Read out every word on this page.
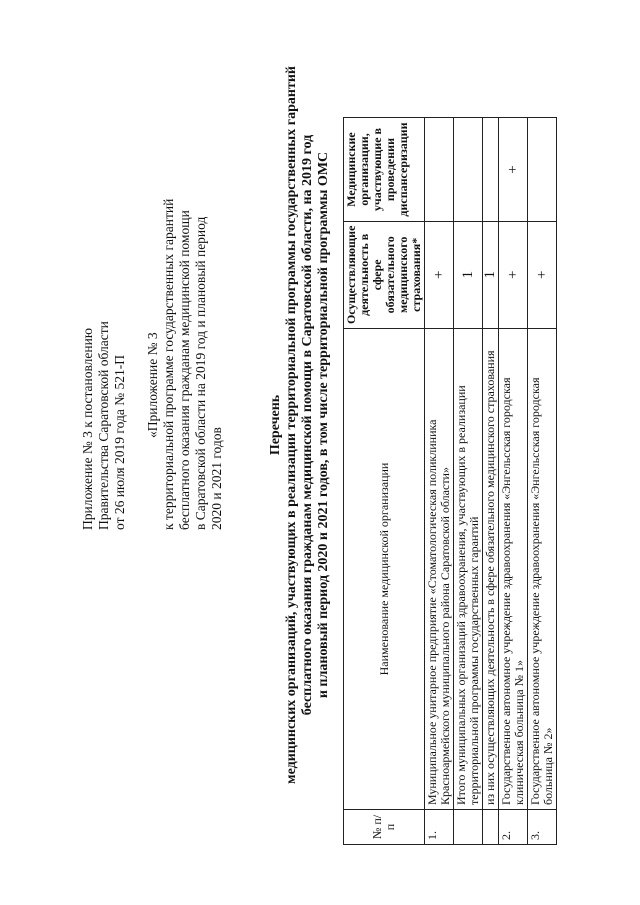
Приложение № 3 к постановлению Правительства Саратовской области от 26 июля 2019 года № 521-П «Приложение № 3 к территориальной программе государственных гарантий бесплатного оказания гражданам медицинской помощи в Саратовской области на 2019 год и плановый период 2020 и 2021 годов
Перечень медицинских организаций, участвующих в реализации территориальной программы государственных гарантий бесплатного оказания гражданам медицинской помощи в Саратовской области, на 2019 год и плановый период 2020 и 2021 годов, в том числе территориальной программы ОМС
№ п/п	Наименование медицинской организации	Осуществляющие деятельность в сфере обязательного медицинского страхования*	Медицинские организации, участвующие в проведении диспансеризации
1.	Муниципальное унитарное предприятие «Стоматологическая поликлиника Красноармейского муниципального района Саратовской области»	+	
	Итого муниципальных организаций здравоохранения, участвующих в реализации территориальной программы государственных гарантий	1	
	из них осуществляющих деятельность в сфере обязательного медицинского страхования	1	
2.	Государственное автономное учреждение здравоохранения «Энгельсская городская клиническая больница № 1»	+	+
3.	Государственное автономное учреждение здравоохранения «Энгельсская городская больница № 2»	+	
